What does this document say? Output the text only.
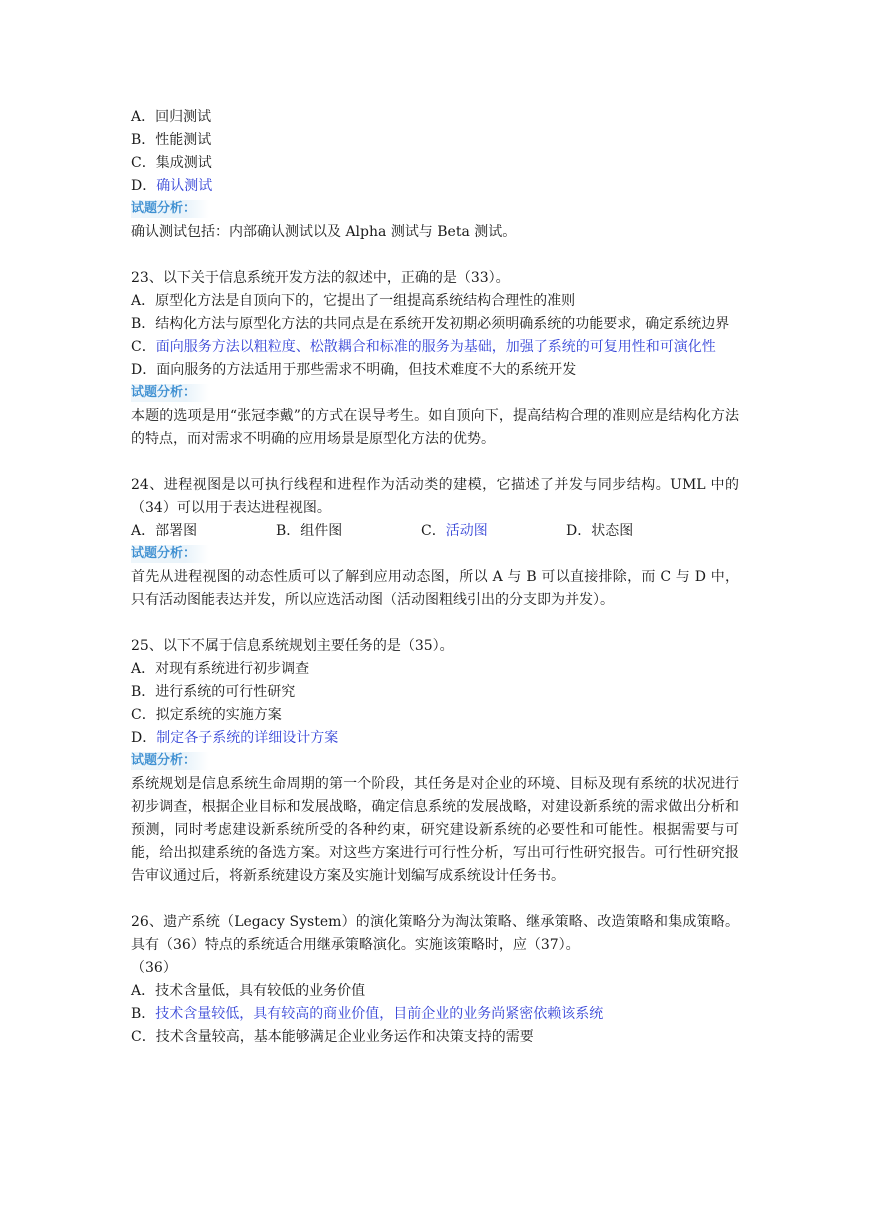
A．回归测试
B．性能测试
C．集成测试
D．确认测试
试题分析：
确认测试包括：内部确认测试以及 Alpha 测试与 Beta 测试。
23、以下关于信息系统开发方法的叙述中，正确的是（33）。
A．原型化方法是自顶向下的，它提出了一组提高系统结构合理性的准则
B．结构化方法与原型化方法的共同点是在系统开发初期必须明确系统的功能要求，确定系统边界
C．面向服务方法以粗粒度、松散耦合和标准的服务为基础，加强了系统的可复用性和可演化性
D．面向服务的方法适用于那些需求不明确，但技术难度不大的系统开发
试题分析：
本题的选项是用“张冠李戴”的方式在误导考生。如自顶向下，提高结构合理的准则应是结构化方法的特点，而对需求不明确的应用场景是原型化方法的优势。
24、进程视图是以可执行线程和进程作为活动类的建模，它描述了并发与同步结构。UML 中的（34）可以用于表达进程视图。
A．部署图	B．组件图	C．活动图	D．状态图
试题分析：
首先从进程视图的动态性质可以了解到应用动态图，所以 A 与 B 可以直接排除，而 C 与 D 中，只有活动图能表达并发，所以应选活动图（活动图粗线引出的分支即为并发）。
25、以下不属于信息系统规划主要任务的是（35）。
A．对现有系统进行初步调查
B．进行系统的可行性研究
C．拟定系统的实施方案
D．制定各子系统的详细设计方案
试题分析：
系统规划是信息系统生命周期的第一个阶段，其任务是对企业的环境、目标及现有系统的状况进行初步调查，根据企业目标和发展战略，确定信息系统的发展战略，对建设新系统的需求做出分析和预测，同时考虑建设新系统所受的各种约束，研究建设新系统的必要性和可能性。根据需要与可能，给出拟建系统的备选方案。对这些方案进行可行性分析，写出可行性研究报告。可行性研究报告审议通过后，将新系统建设方案及实施计划编写成系统设计任务书。
26、遗产系统（Legacy System）的演化策略分为淘汰策略、继承策略、改造策略和集成策略。具有（36）特点的系统适合用继承策略演化。实施该策略时，应（37）。
（36）
A．技术含量低，具有较低的业务价值
B．技术含量较低，具有较高的商业价值，目前企业的业务尚紧密依赖该系统
C．技术含量较高，基本能够满足企业业务运作和决策支持的需要
